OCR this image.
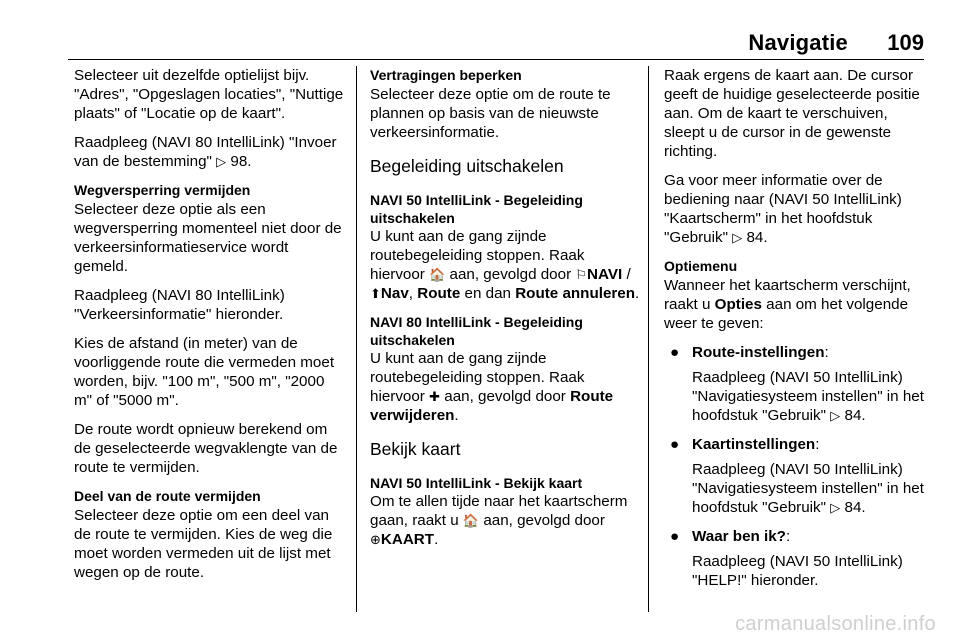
Navigatie 109

Selecteer uit dezelfde optielijst bijv. "Adres", "Opgeslagen locaties", "Nuttige plaats" of "Locatie op de kaart".

Raadpleeg (NAVI 80 IntelliLink) "Invoer van de bestemming" ▷ 98.

Wegversperring vermijden
Selecteer deze optie als een wegversperring momenteel niet door de verkeersinformatieservice wordt gemeld.

Raadpleeg (NAVI 80 IntelliLink) "Verkeersinformatie" hieronder.

Kies de afstand (in meter) van de voorliggende route die vermeden moet worden, bijv. "100 m", "500 m", "2000 m" of "5000 m".

De route wordt opnieuw berekend om de geselecteerde wegvaklengte van de route te vermijden.

Deel van de route vermijden
Selecteer deze optie om een deel van de route te vermijden. Kies de weg die moet worden vermeden uit de lijst met wegen op de route.
Vertragingen beperken
Selecteer deze optie om de route te plannen op basis van de nieuwste verkeersinformatie.
Begeleiding uitschakelen
NAVI 50 IntelliLink - Begeleiding uitschakelen

U kunt aan de gang zijnde routebegeleiding stoppen. Raak hiervoor 🏠 aan, gevolgd door ⚐NAVI / ⬆Nav, Route en dan Route annuleren.

NAVI 80 IntelliLink - Begeleiding uitschakelen

U kunt aan de gang zijnde routebegeleiding stoppen. Raak hiervoor ✚ aan, gevolgd door Route verwijderen.

Bekijk kaart
NAVI 50 IntelliLink - Bekijk kaart

Om te allen tijde naar het kaartscherm gaan, raakt u 🏠 aan, gevolgd door ⊕KAART.

Raak ergens de kaart aan. De cursor geeft de huidige geselecteerde positie aan. Om de kaart te verschuiven, sleept u de cursor in de gewenste richting.

Ga voor meer informatie over de bediening naar (NAVI 50 IntelliLink) "Kaartscherm" in het hoofdstuk "Gebruik" ▷ 84.

Optiemenu
Wanneer het kaartscherm verschijnt, raakt u Opties aan om het volgende weer te geven:
● Route-instellingen:

Raadpleeg (NAVI 50 IntelliLink) "Navigatiesysteem instellen" in het hoofdstuk "Gebruik" ▷ 84.

● Kaartinstellingen:

Raadpleeg (NAVI 50 IntelliLink) "Navigatiesysteem instellen" in het hoofdstuk "Gebruik" ▷ 84.

● Waar ben ik?:

Raadpleeg (NAVI 50 IntelliLink) "HELP!" hieronder.

carmanualsonline.info
